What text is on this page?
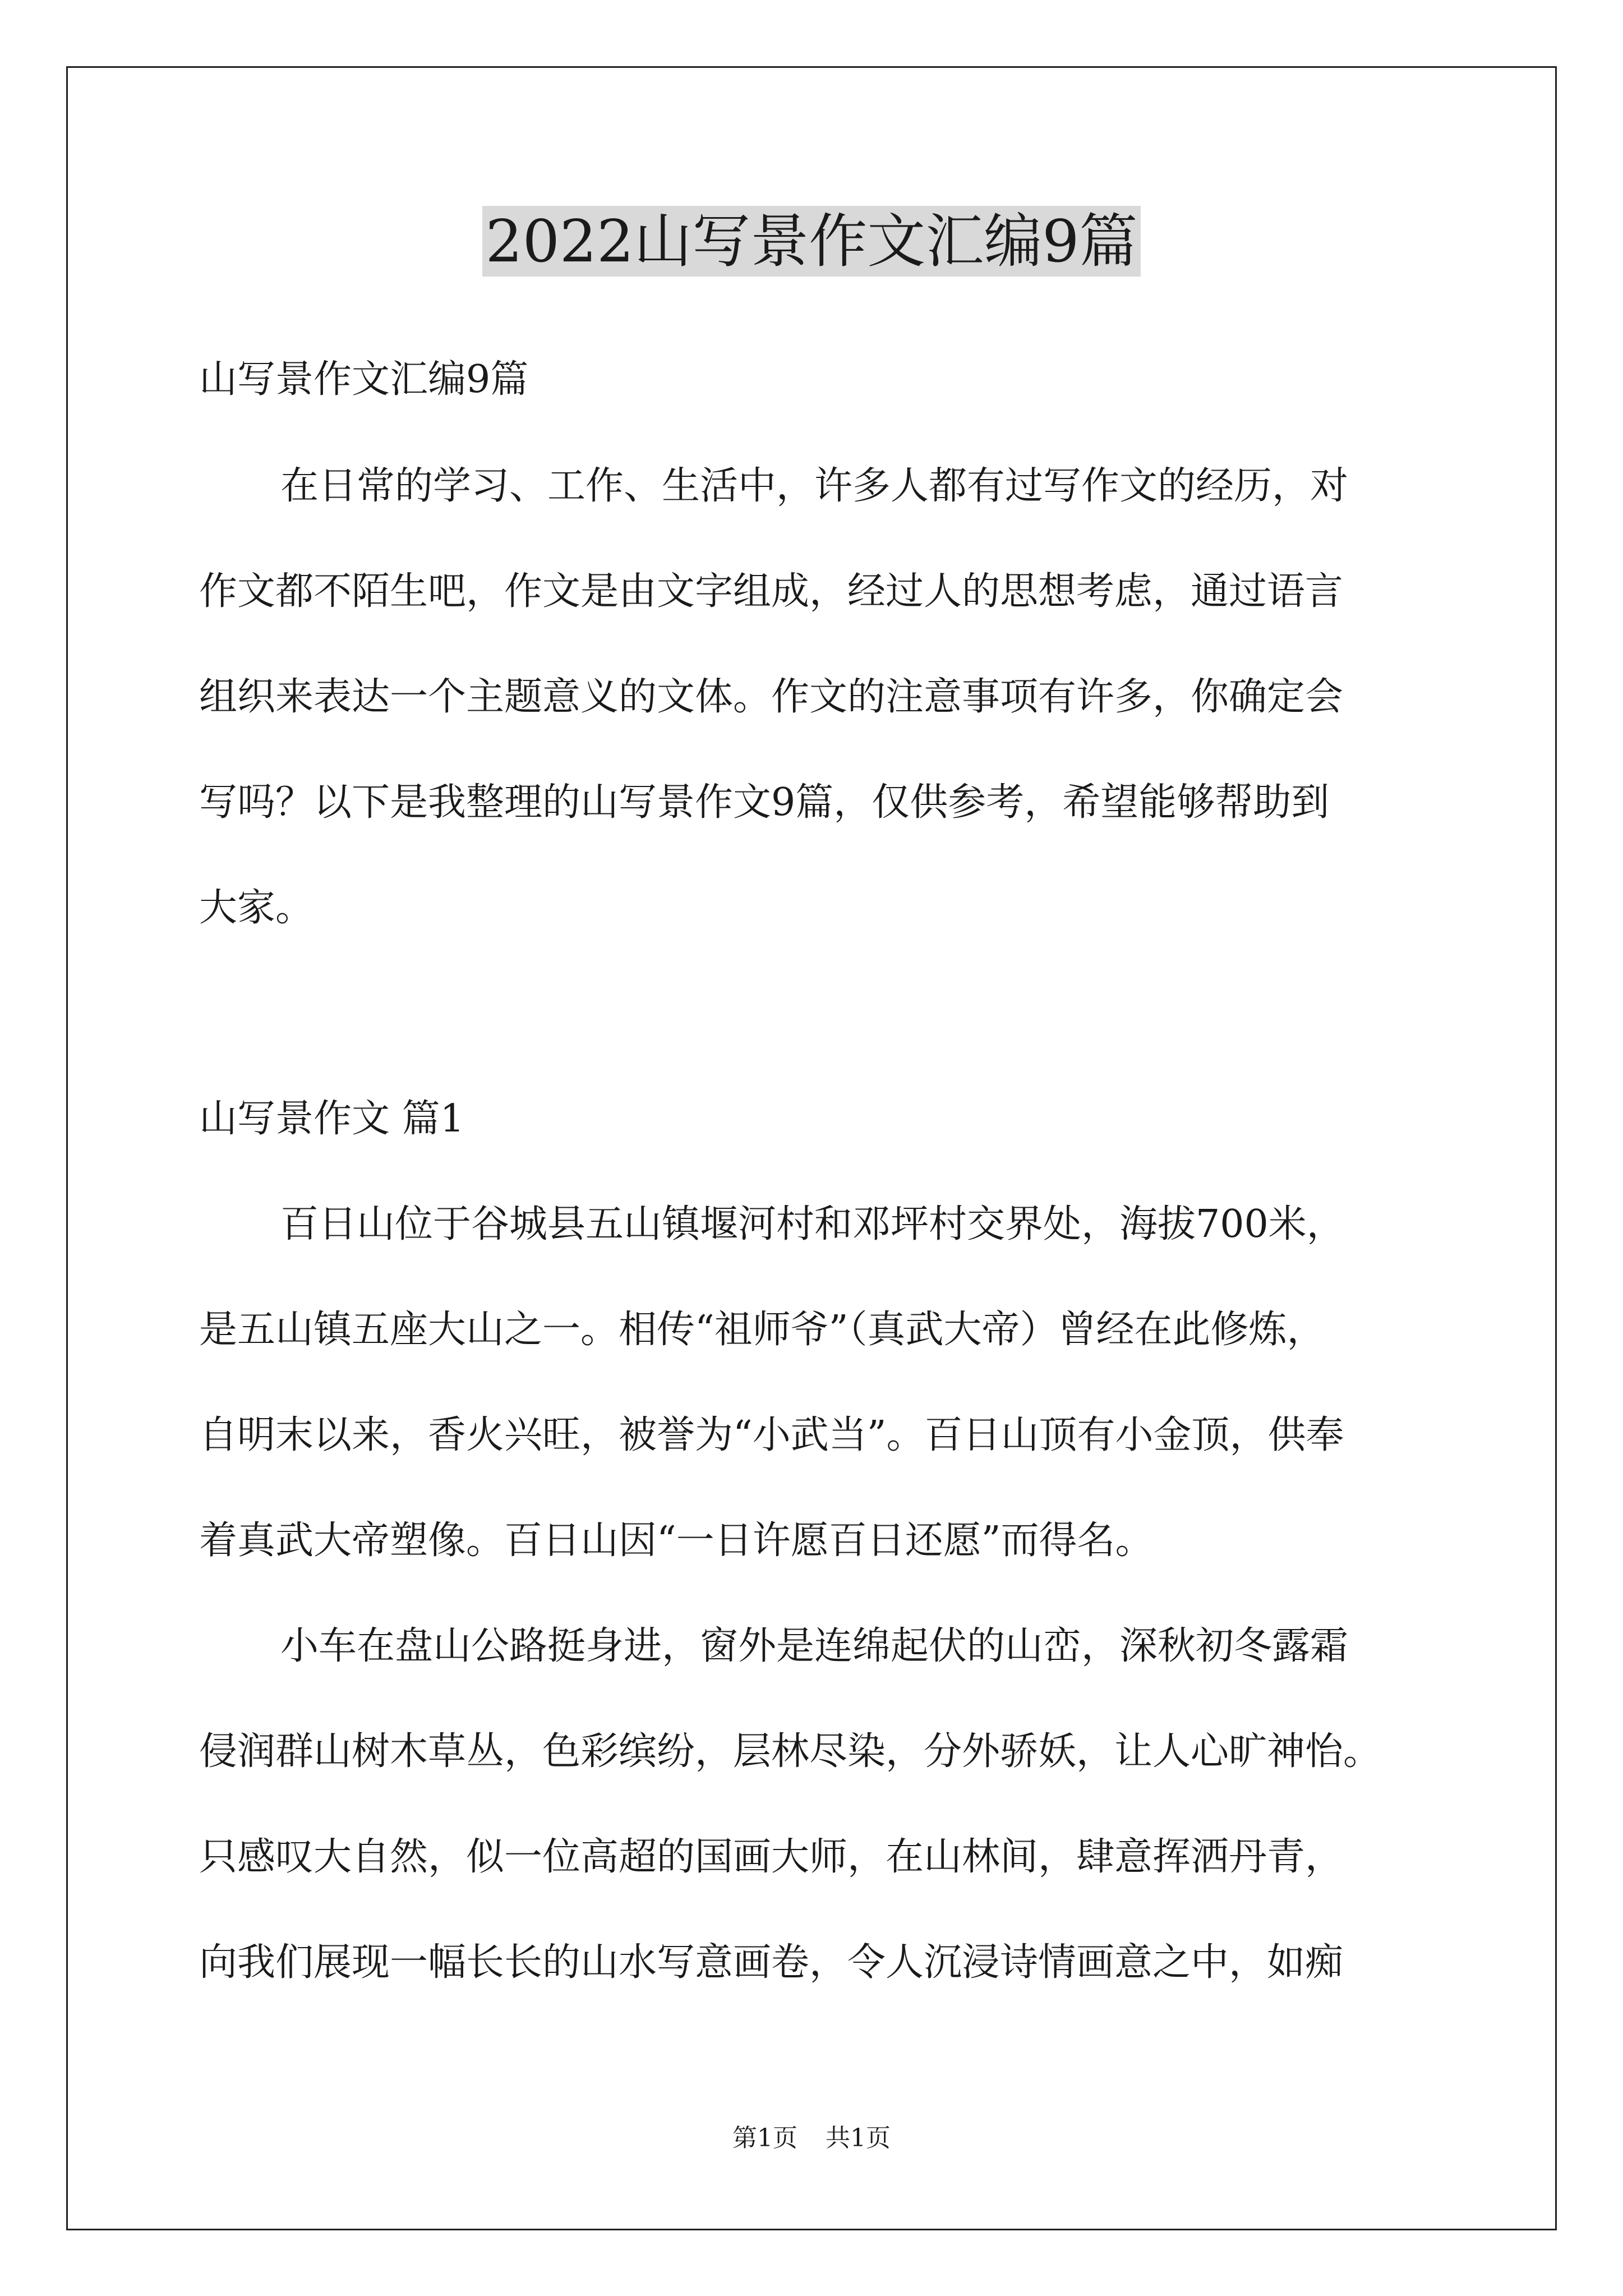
2022山写景作文汇编9篇

山写景作文汇编9篇

在日常的学习、工作、生活中，许多人都有过写作文的经历，对

作文都不陌生吧，作文是由文字组成，经过人的思想考虑，通过语言

组织来表达一个主题意义的文体。作文的注意事项有许多，你确定会

写吗？以下是我整理的山写景作文9篇，仅供参考，希望能够帮助到

大家。

山写景作文 篇1

百日山位于谷城县五山镇堰河村和邓坪村交界处，海拔700米，

是五山镇五座大山之一。相传“祖师爷”（真武大帝）曾经在此修炼，

自明末以来，香火兴旺，被誉为“小武当”。百日山顶有小金顶，供奉

着真武大帝塑像。百日山因“一日许愿百日还愿”而得名。

小车在盘山公路挺身进，窗外是连绵起伏的山峦，深秋初冬露霜

侵润群山树木草丛，色彩缤纷，层林尽染，分外骄妖，让人心旷神怡。

只感叹大自然，似一位高超的国画大师，在山林间，肆意挥洒丹青，

向我们展现一幅长长的山水写意画卷，令人沉浸诗情画意之中，如痴

第1页 共1页
